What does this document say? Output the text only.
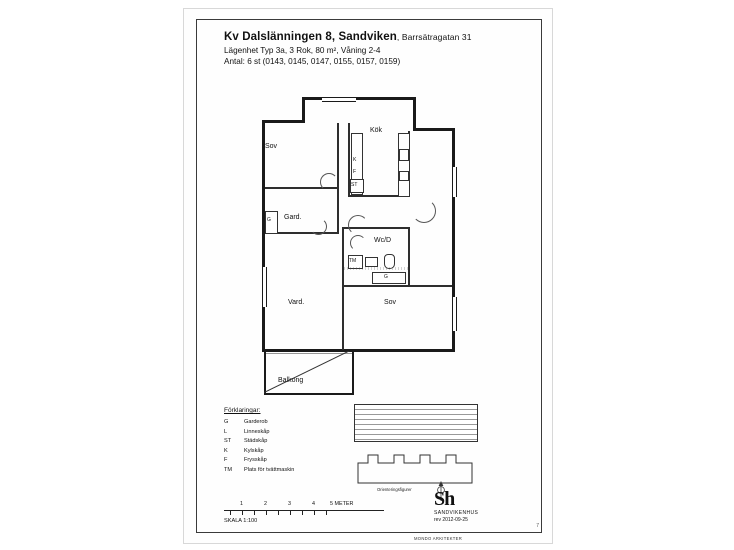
Kv Dalslänningen 8, Sandviken, Barrsätragatan 31
Lägenhet Typ 3a, 3 Rok, 80 m², Våning 2-4
Antal: 6 st (0143, 0145, 0147, 0155, 0157, 0159)
Balkong
K
F
ST
G
TM
G
Sov
Kök
Gard.
Vard.	Sov
Wc/D
Förklaringar:
G	Garderob
L	Linneskåp
ST	Städskåp
K	Kylskåp
F	Frysskåp
TM	Plats för tvättmaskin
Orienteringsfigurer
1	2	3	4	5 METER
SKALA 1:100
Sh
SANDVIKENHUS
rev 2012-09-25
MONDO ARKITEKTER
7
